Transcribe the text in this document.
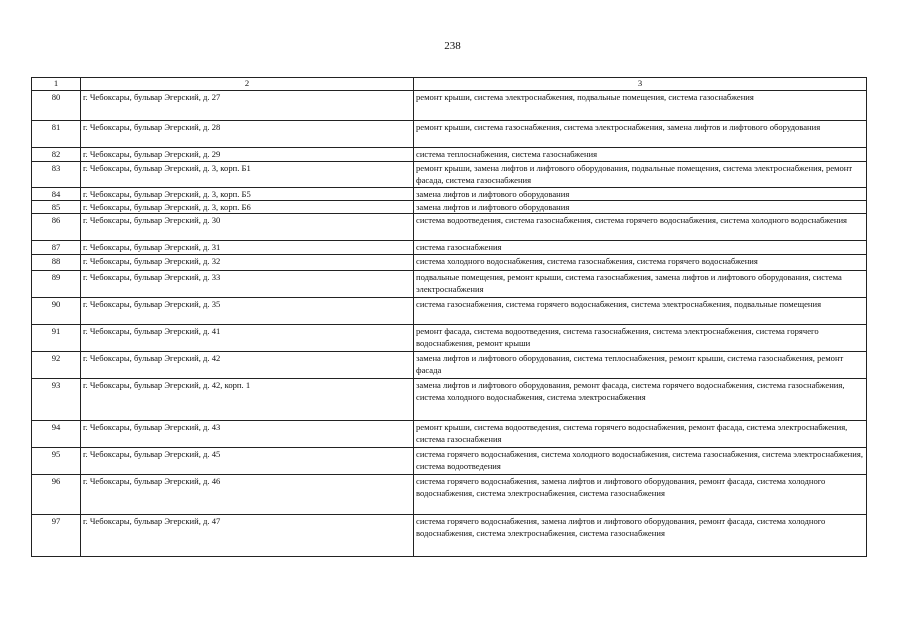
238
1	2	3
80	г. Чебоксары, бульвар Эгерский, д. 27	ремонт крыши, система электроснабжения, подвальные помещения, система газоснабжения
81	г. Чебоксары, бульвар Эгерский, д. 28	ремонт крыши, система газоснабжения, система электроснабжения, замена лифтов и лифтового оборудования
82	г. Чебоксары, бульвар Эгерский, д. 29	система теплоснабжения, система газоснабжения
83	г. Чебоксары, бульвар Эгерский, д. 3, корп. Б1	ремонт крыши, замена лифтов и лифтового оборудования, подвальные помещения, система электроснабжения, ремонт фасада, система газоснабжения
84	г. Чебоксары, бульвар Эгерский, д. 3, корп. Б5	замена лифтов и лифтового оборудования
85	г. Чебоксары, бульвар Эгерский, д. 3, корп. Б6	замена лифтов и лифтового оборудования
86	г. Чебоксары, бульвар Эгерский, д. 30	система водоотведения, система газоснабжения, система горячего водоснабжения, система холодного водоснабжения
87	г. Чебоксары, бульвар Эгерский, д. 31	система газоснабжения
88	г. Чебоксары, бульвар Эгерский, д. 32	система холодного водоснабжения, система газоснабжения, система горячего водоснабжения
89	г. Чебоксары, бульвар Эгерский, д. 33	подвальные помещения, ремонт крыши, система газоснабжения, замена лифтов и лифтового оборудования, система электроснабжения
90	г. Чебоксары, бульвар Эгерский, д. 35	система газоснабжения, система горячего водоснабжения, система электроснабжения, подвальные помещения
91	г. Чебоксары, бульвар Эгерский, д. 41	ремонт фасада, система водоотведения, система газоснабжения, система электроснабжения, система горячего водоснабжения, ремонт крыши
92	г. Чебоксары, бульвар Эгерский, д. 42	замена лифтов и лифтового оборудования, система теплоснабжения, ремонт крыши, система газоснабжения, ремонт фасада
93	г. Чебоксары, бульвар Эгерский, д. 42, корп. 1	замена лифтов и лифтового оборудования, ремонт фасада, система горячего водоснабжения, система газоснабжения, система холодного водоснабжения, система электроснабжения
94	г. Чебоксары, бульвар Эгерский, д. 43	ремонт крыши, система водоотведения, система горячего водоснабжения, ремонт фасада, система электроснабжения, система газоснабжения
95	г. Чебоксары, бульвар Эгерский, д. 45	система горячего водоснабжения, система холодного водоснабжения, система газоснабжения, система электроснабжения, система водоотведения
96	г. Чебоксары, бульвар Эгерский, д. 46	система горячего водоснабжения, замена лифтов и лифтового оборудования, ремонт фасада, система холодного водоснабжения, система электроснабжения, система газоснабжения
97	г. Чебоксары, бульвар Эгерский, д. 47	система горячего водоснабжения, замена лифтов и лифтового оборудования, ремонт фасада, система холодного водоснабжения, система электроснабжения, система газоснабжения
